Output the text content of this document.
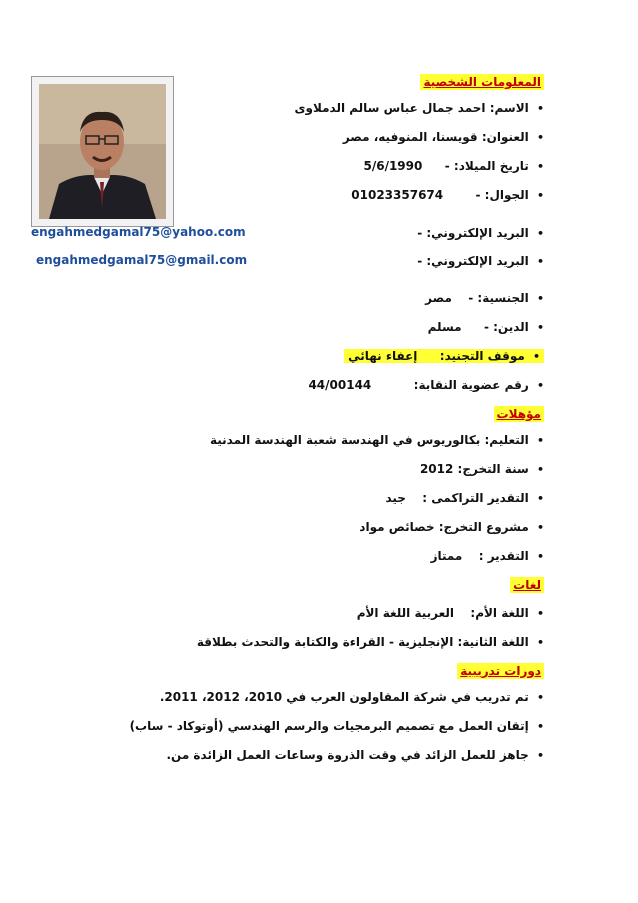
المعلومات الشخصية
• الاسم: احمد جمال عباس سالم الدملاوى
• العنوان: قويسنا، المنوفيه، مصر
• تاريخ الميلاد: -  5/6/1990
• الجوال: -  01023357674
• البريد الإلكتروني: -
engahmedgamal75@yahoo.com
• البريد الإلكتروني: -
engahmedgamal75@gmail.com
• الجنسية: -  مصر
• الدين: -  مسلم
• موقف التجنيد:  إعفاء نهائي
• رقم عضوية النقابة:  44/00144
مؤهلات
• التعليم: بكالوريوس في الهندسة شعبة الهندسة المدنية
• سنة التخرج: 2012
• التقدير التراكمى :  جيد
• مشروع التخرج: خصائص مواد
• التقدير :  ممتاز
لغات
• اللغة الأم:  العربية اللغة الأم
• اللغة الثانية: الإنجليزية - القراءة والكتابة والتحدث بطلاقة
دورات تدريبية
• تم تدريب في شركة المقاولون العرب في 2010، 2012، 2011.
• إتقان العمل مع تصميم البرمجيات والرسم الهندسي (أوتوكاد - ساب)
• جاهز للعمل الزائد في وقت الذروة وساعات العمل الزائدة من.
